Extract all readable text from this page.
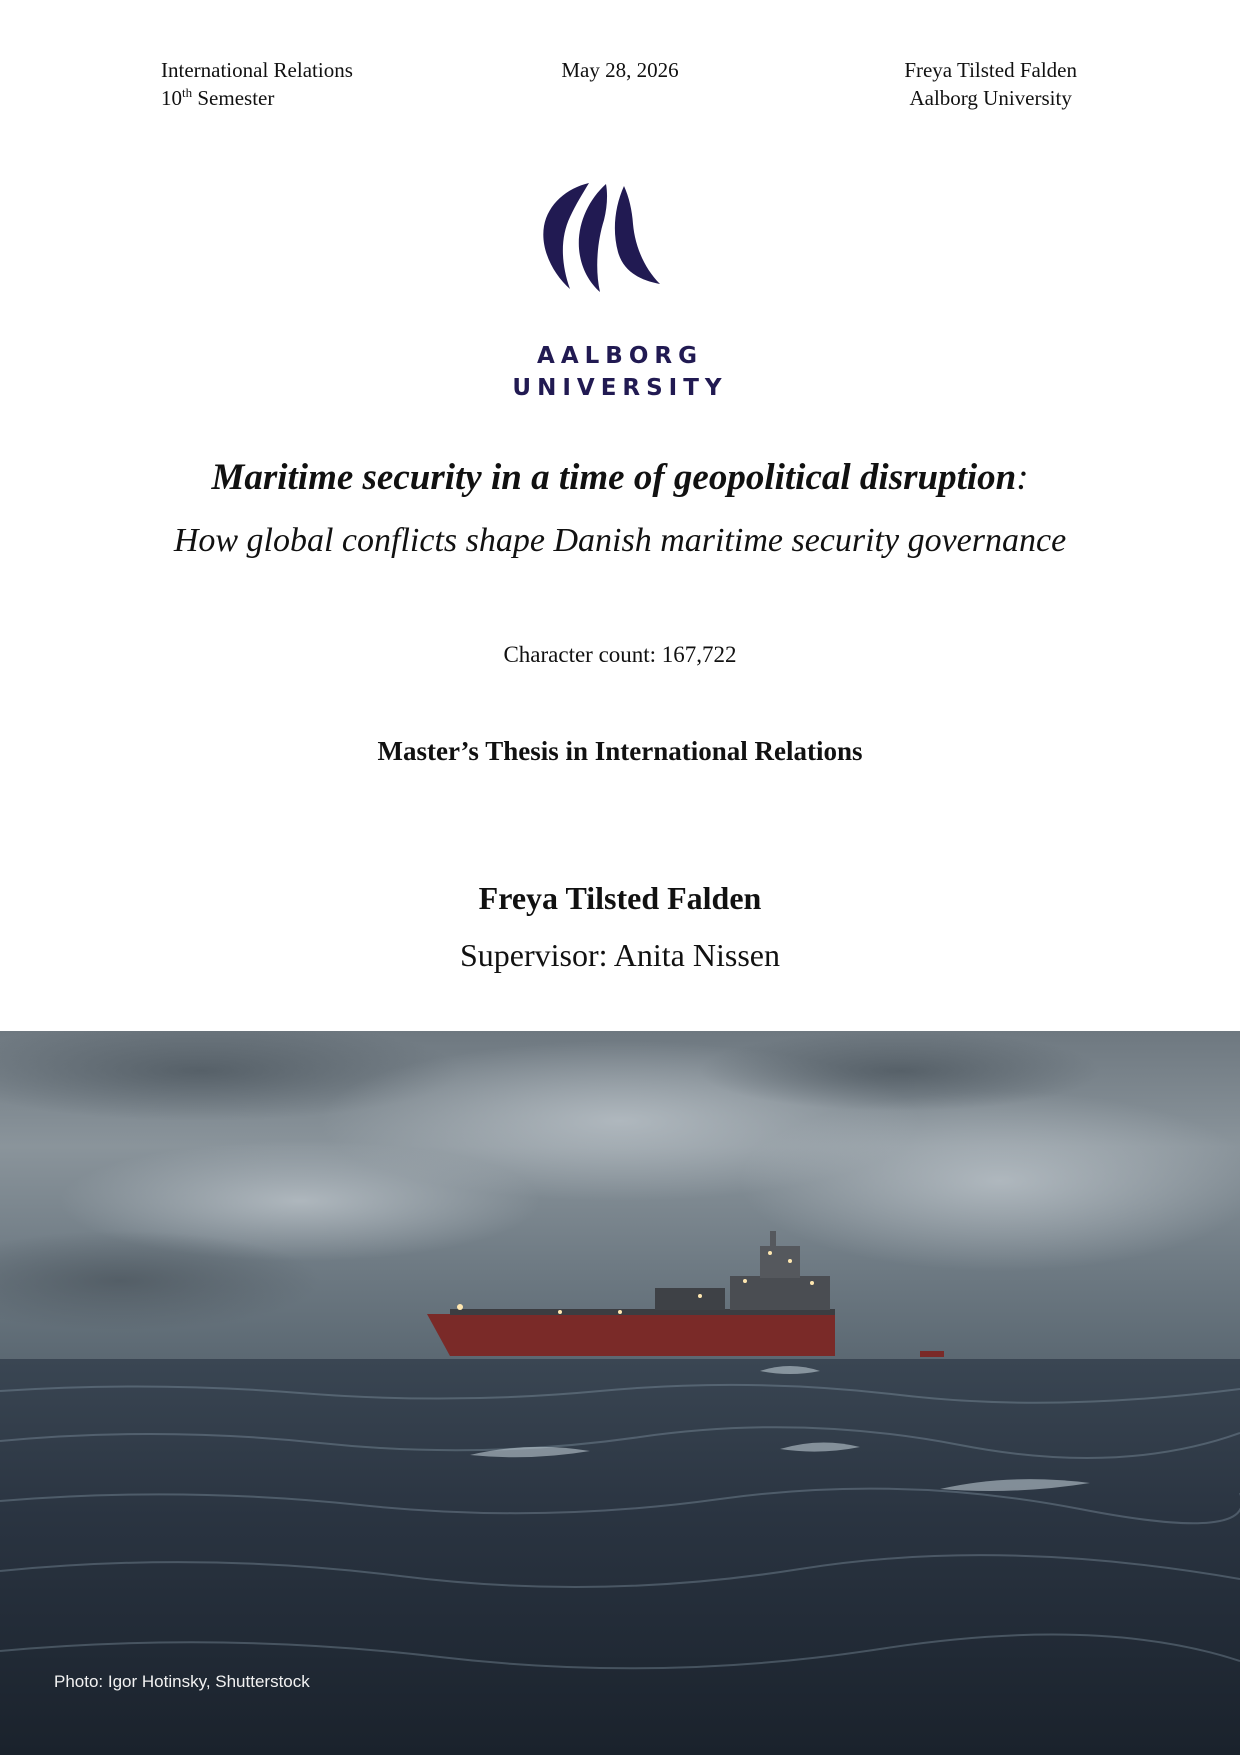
International Relations
10th Semester
May 28, 2026	Freya Tilsted Falden
Aalborg University
AALBORG
UNIVERSITY
Maritime security in a time of geopolitical disruption:
How global conflicts shape Danish maritime security governance
Character count: 167,722
Master’s Thesis in International Relations
Freya Tilsted Falden
Supervisor: Anita Nissen
Photo: Igor Hotinsky, Shutterstock
